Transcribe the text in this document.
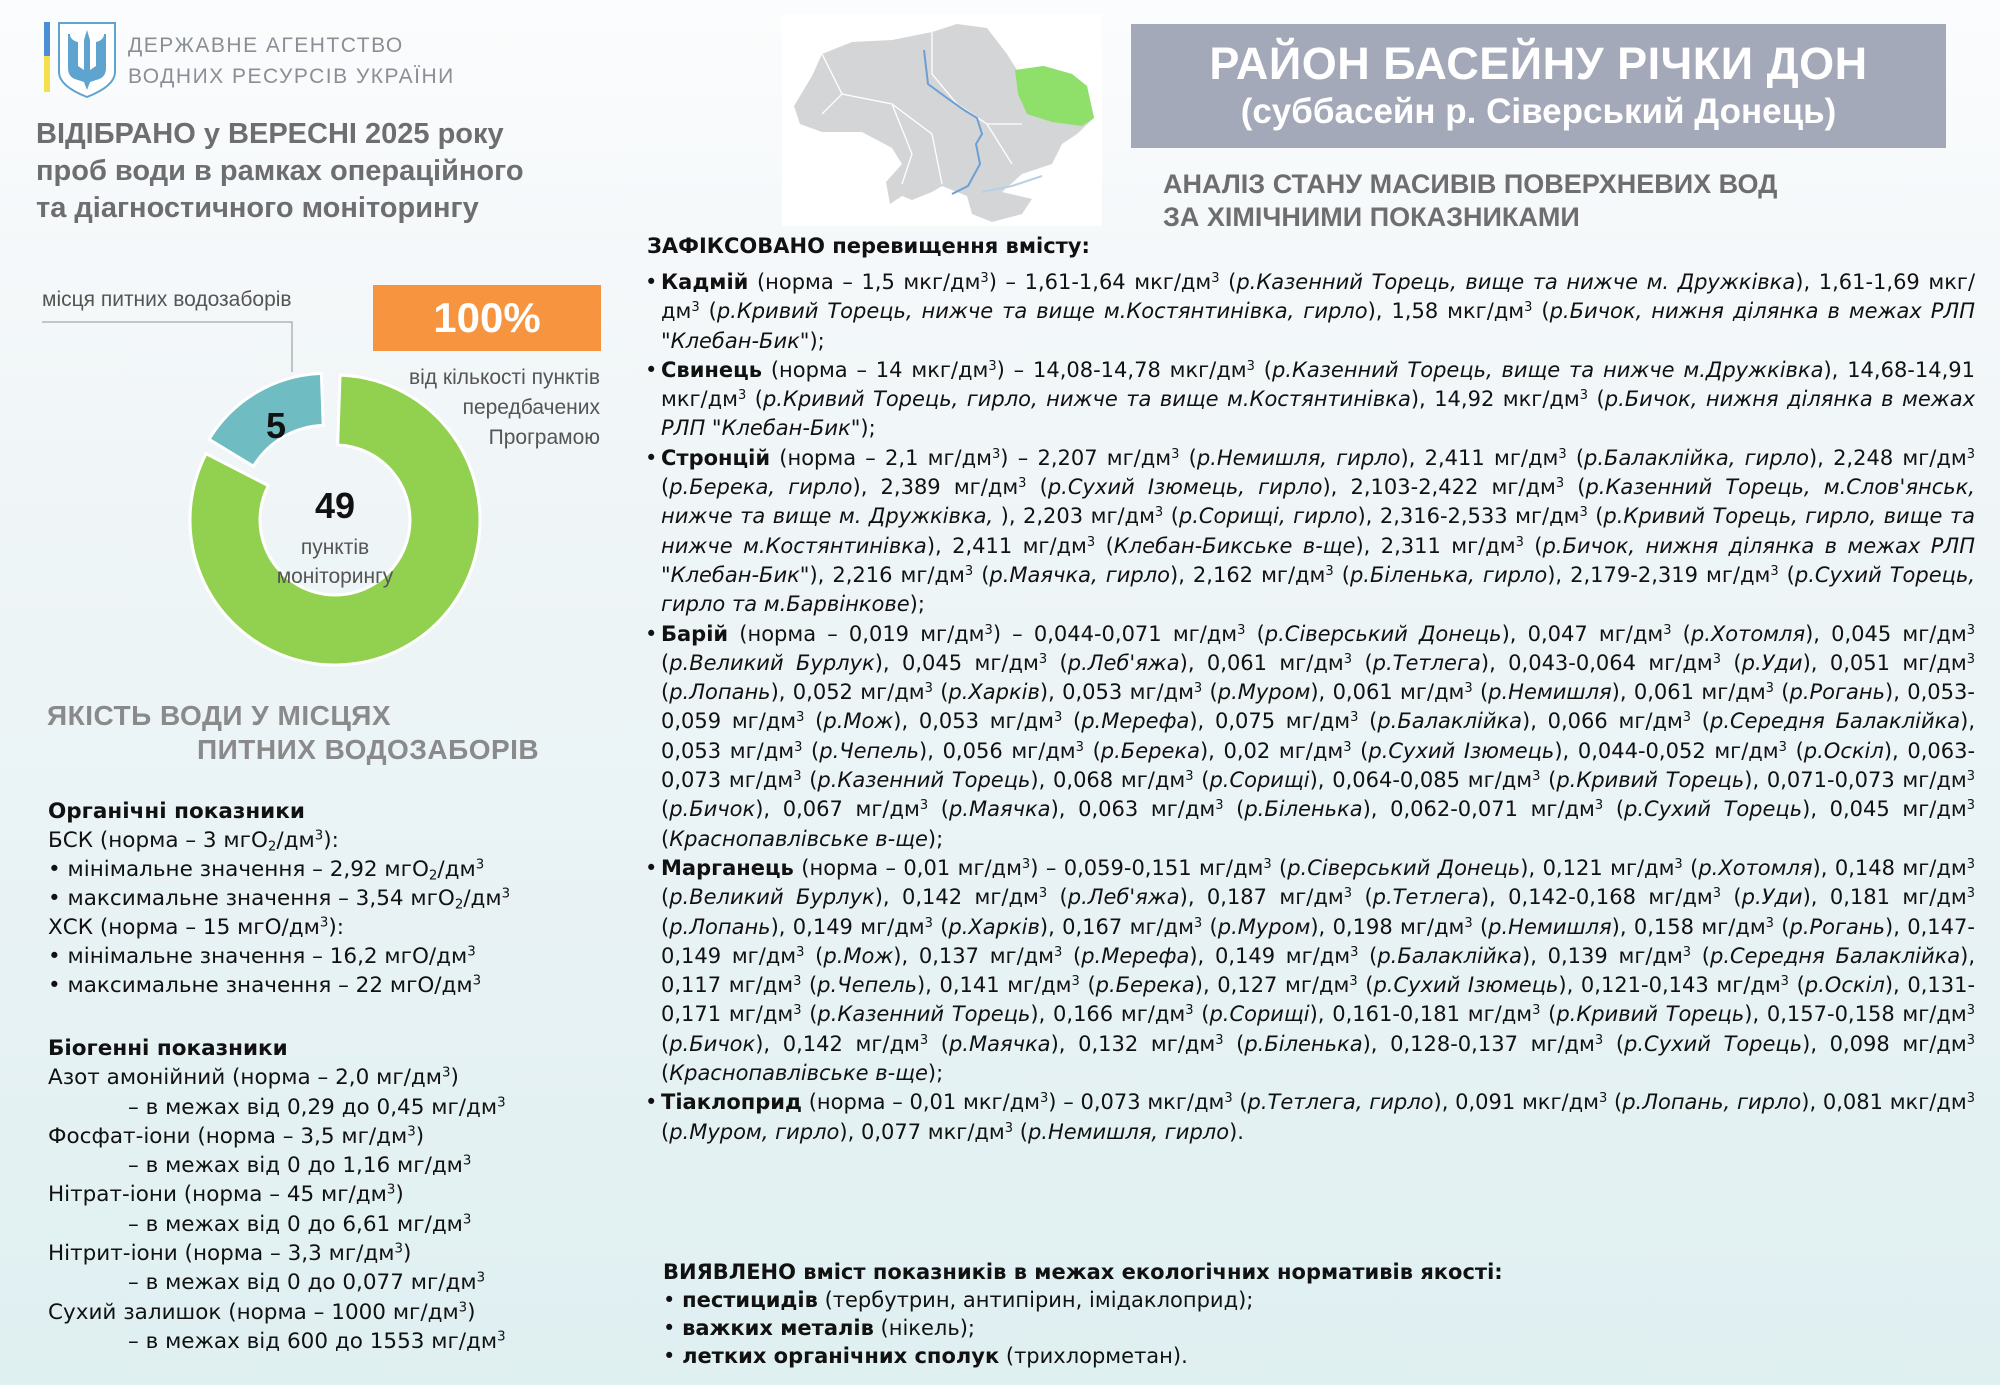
ДЕРЖАВНЕ АГЕНТСТВО
ВОДНИХ РЕСУРСІВ УКРАЇНИ
ВІДІБРАНО у ВЕРЕСНІ 2025 року
проб води в рамках операційного
та діагностичного моніторингу
РАЙОН БАСЕЙНУ РІЧКИ ДОН
(суббасейн р. Сіверський Донець)
АНАЛІЗ СТАНУ МАСИВІВ ПОВЕРХНЕВИХ ВОД
ЗА ХІМІЧНИМИ ПОКАЗНИКАМИ
місця питних водозаборів	100%
від кількості пунктів
передбачених
Програмою
5
49
пунктів
моніторингу
ЯКІСТЬ ВОДИ У МІСЦЯХ
ПИТНИХ ВОДОЗАБОРІВ
Органічні показники
БСК (норма – 3 $мгО_2/дм^3$):
• мінімальне значення – 2,92 $мгО_2/дм^3$
• максимальне значення – 3,54 $мгО_2/дм^3$
ХСК (норма – 15 мгО/$дм^3$):
• мінімальне значення – 16,2 мгО/$дм^3$
• максимальне значення – 22 мгО/$дм^3$
Біогенні показники
Азот амонійний (норма – 2,0 $мг/дм^3$)
– в межах від 0,29 до 0,45 $мг/дм^3$
Фосфат-іони (норма – 3,5 $мг/дм^3$)
– в межах від 0 до 1,16 $мг/дм^3$
Нітрат-іони (норма – 45 $мг/дм^3$)
– в межах від 0 до 6,61 $мг/дм^3$
Нітрит-іони (норма – 3,3 $мг/дм^3$)
– в межах від 0 до 0,077 $мг/дм^3$
Сухий залишок (норма – 1000 $мг/дм^3$)
– в межах від 600 до 1553 $мг/дм^3$
ЗАФІКСОВАНО перевищення вмісту:
• Кадмій (норма – 1,5 мкг/$дм^3) - 1,61-1,64$ мкг/$дм^3$ (р.Казенний Торець, вище та нижче м. Дружківка), 1,61-1,69 мкг/$дм^3$ (р.Кривий Торець, нижче та вище м.Костянтинівка, гирло), 1,58 мкг/$дм^3$ (р.Бичок, нижня ділянка в межах РЛП "Клебан-Бик");
• Свинець (норма – 14 мкг/$дм^3) - 14,08-14,78$ мкг/$дм^3$ (р.Казенний Торець, вище та нижче м.Дружківка), 14,68-14,91 мкг/$дм^3$ (р.Кривий Торець, гирло, нижче та вище м.Костянтинівка), 14,92 мкг/$дм^3$ (р.Бичок, нижня ділянка в межах РЛП "Клебан-Бик");
• Стронцій (норма – 2,1 $мг/дм^3) - 2,207$ $мг/дм^3$ (р.Немишля, гирло), 2,411 $мг/дм^3$ (р.Балаклійка, гирло), 2,248 $мг/дм^3$ (р.Берека, гирло), 2,389 $мг/дм^3$ (р.Сухий Ізюмець, гирло), 2,103-2,422 $мг/дм^3$ (р.Казенний Торець, м.Слов'янськ, нижче та вище м. Дружківка, ), 2,203 $мг/дм^3$ (р.Сорищі, гирло), 2,316-2,533 $мг/дм^3$ (р.Кривий Торець, гирло, вище та нижче м.Костянтинівка), 2,411 $мг/дм^3$ (Клебан-Бикське в-ще), 2,311 $мг/дм^3$ (р.Бичок, нижня ділянка в межах РЛП "Клебан-Бик"), 2,216 $мг/дм^3$ (р.Маячка, гирло), 2,162 $мг/дм^3$ (р.Біленька, гирло), 2,179-2,319 $мг/дм^3$ (р.Сухий Торець, гирло та м.Барвінкове);
• Барій (норма – 0,019 $мг/дм^3) - 0,044-0,071$ $мг/дм^3$ (р.Сіверський Донець), 0,047 $мг/дм^3$ (р.Хотомля), 0,045 $мг/дм^3$ (р.Великий Бурлук), 0,045 $мг/дм^3$ (р.Леб'яжа), 0,061 $мг/дм^3$ (р.Тетлега), 0,043-0,064 $мг/дм^3$ (р.Уди), 0,051 $мг/дм^3$ (р.Лопань), 0,052 $мг/дм^3$ (р.Харків), 0,053 $мг/дм^3$ (р.Муром), 0,061 $мг/дм^3$ (р.Немишля), 0,061 $мг/дм^3$ (р.Рогань), 0,053-0,059 $мг/дм^3$ (р.Мож), 0,053 $мг/дм^3$ (р.Мерефа), 0,075 $мг/дм^3$ (р.Балаклійка), 0,066 $мг/дм^3$ (р.Середня Балаклійка), 0,053 $мг/дм^3$ (р.Чепель), 0,056 $мг/дм^3$ (р.Берека), 0,02 $мг/дм^3$ (р.Сухий Ізюмець), 0,044-0,052 $мг/дм^3$ (р.Оскіл), 0,063-0,073 $мг/дм^3$ (р.Казенний Торець), 0,068 $мг/дм^3$ (р.Сорищі), 0,064-0,085 $мг/дм^3$ (р.Кривий Торець), 0,071-0,073 $мг/дм^3$ (р.Бичок), 0,067 $мг/дм^3$ (р.Маячка), 0,063 $мг/дм^3$ (р.Біленька), 0,062-0,071 $мг/дм^3$ (р.Сухий Торець), 0,045 $мг/дм^3$ (Краснопавлівське в-ще);
• Марганець (норма – 0,01 $мг/дм^3) - 0,059-0,151$ $мг/дм^3$ (р.Сіверський Донець), 0,121 $мг/дм^3$ (р.Хотомля), 0,148 $мг/дм^3$ (р.Великий Бурлук), 0,142 $мг/дм^3$ (р.Леб'яжа), 0,187 $мг/дм^3$ (р.Тетлега), 0,142-0,168 $мг/дм^3$ (р.Уди), 0,181 $мг/дм^3$ (р.Лопань), 0,149 $мг/дм^3$ (р.Харків), 0,167 $мг/дм^3$ (р.Муром), 0,198 $мг/дм^3$ (р.Немишля), 0,158 $мг/дм^3$ (р.Рогань), 0,147-0,149 $мг/дм^3$ (р.Мож), 0,137 $мг/дм^3$ (р.Мерефа), 0,149 $мг/дм^3$ (р.Балаклійка), 0,139 $мг/дм^3$ (р.Середня Балаклійка), 0,117 $мг/дм^3$ (р.Чепель), 0,141 $мг/дм^3$ (р.Берека), 0,127 $мг/дм^3$ (р.Сухий Ізюмець), 0,121-0,143 $мг/дм^3$ (р.Оскіл), 0,131-0,171 $мг/дм^3$ (р.Казенний Торець), 0,166 $мг/дм^3$ (р.Сорищі), 0,161-0,181 $мг/дм^3$ (р.Кривий Торець), 0,157-0,158 $мг/дм^3$ (р.Бичок), 0,142 $мг/дм^3$ (р.Маячка), 0,132 $мг/дм^3$ (р.Біленька), 0,128-0,137 $мг/дм^3$ (р.Сухий Торець), 0,098 $мг/дм^3$ (Краснопавлівське в-ще);
• Тіаклоприд (норма – 0,01 мкг/$дм^3) - 0,073$ мкг/$дм^3$ (р.Тетлега, гирло), 0,091 мкг/$дм^3$ (р.Лопань, гирло), 0,081 мкг/$дм^3$ (р.Муром, гирло), 0,077 мкг/$дм^3$ (р.Немишля, гирло).
ВИЯВЛЕНО вміст показників в межах екологічних нормативів якості:
• пестицидів (тербутрин, антипірин, імідаклоприд);
• важких металів (нікель);
• летких органічних сполук (трихлорметан).
